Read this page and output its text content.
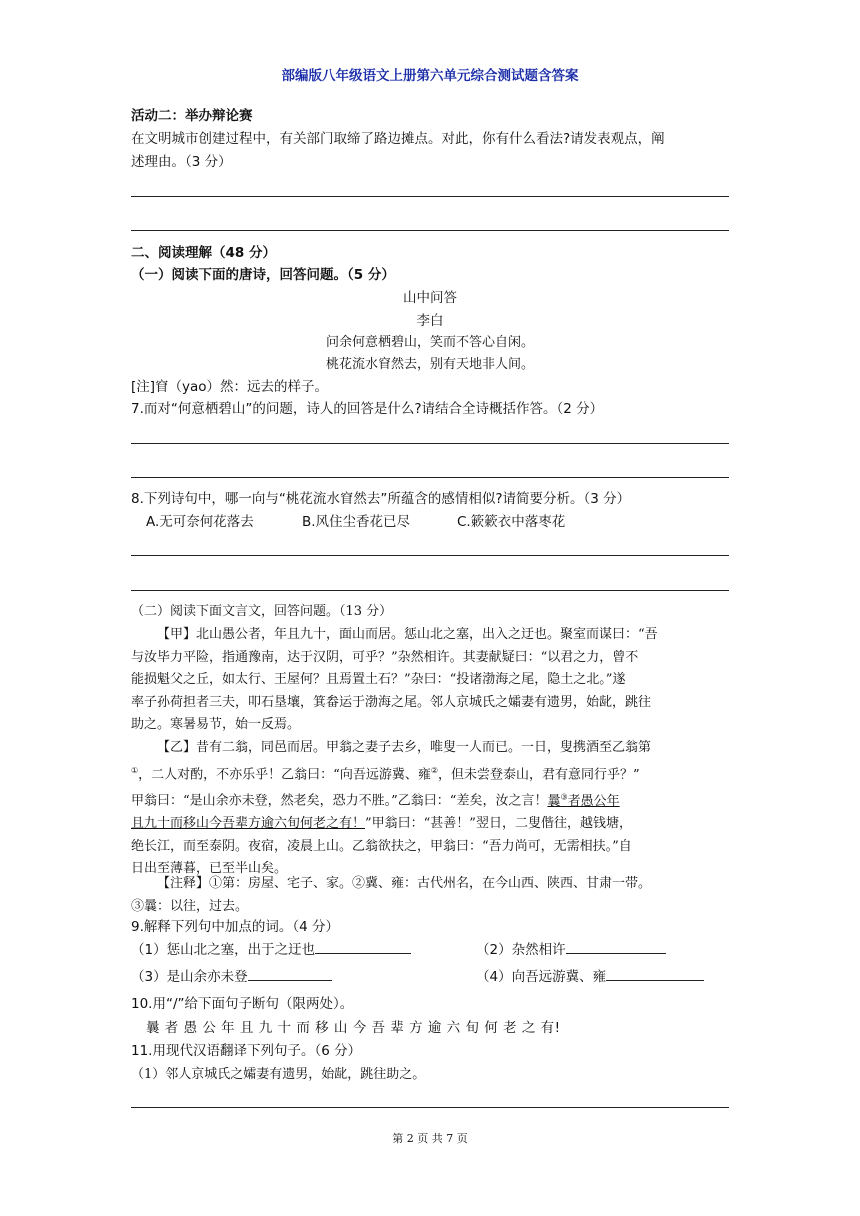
部编版八年级语文上册第六单元综合测试题含答案
活动二：举办辩论赛
在文明城市创建过程中，有关部门取缔了路边摊点。对此，你有什么看法?请发表观点，阐
述理由。（3 分）
二、阅读理解（48 分）
（一）阅读下面的唐诗，回答问题。（5 分）
山中问答
李白
问余何意栖碧山，笑而不答心自闲。
桃花流水窅然去，别有天地非人间。
[注]窅（yao）然：远去的样子。
7.而对“何意栖碧山”的问题，诗人的回答是什么?请结合全诗概括作答。（2 分）
8.下列诗句中，哪一向与“桃花流水窅然去”所蕴含的感情相似?请简要分析。（3 分）
A.无可奈何花落去	B.风住尘香花已尽	C.簌簌衣中落枣花
（二）阅读下面文言文，回答问题。（13 分）
【甲】北山愚公者，年且九十，面山而居。惩山北之塞，出入之迂也。聚室而谋曰：“吾
与汝毕力平险，指通豫南，达于汉阴，可乎？”杂然相许。其妻献疑曰：“以君之力，曾不
能损魁父之丘，如太行、王屋何？且焉置土石？”杂曰：“投诸渤海之尾，隐土之北。”遂
率子孙荷担者三夫，叩石垦壤，箕畚运于渤海之尾。邻人京城氏之孀妻有遗男，始龀，跳往
助之。寒暑易节，始一反焉。
【乙】昔有二翁，同邑而居。甲翁之妻子去乡，唯叟一人而已。一日，叟携酒至乙翁第
①，二人对酌，不亦乐乎！乙翁曰：“向吾远游冀、雍②，但未尝登泰山，君有意同行乎？”
甲翁曰：“是山余亦未登，然老矣，恐力不胜。”乙翁曰：“差矣，汝之言！曩③者愚公年
且九十而移山今吾辈方逾六旬何老之有！”甲翁曰：“甚善！”翌日，二叟偕往，越钱塘，
绝长江，而至泰阴。夜宿，凌晨上山。乙翁欲扶之，甲翁曰：“吾力尚可，无需相扶。”自
日出至薄暮，已至半山矣。
【注释】①第：房屋、宅子、家。②冀、雍：古代州名，在今山西、陕西、甘肃一带。
③曩：以往，过去。
9.解释下列句中加点的词。（4 分）
（1）惩山北之塞，出于之迂也	（2）杂然相许
（3）是山余亦未登	（4）向吾远游冀、雍
10.用“/”给下面句子断句（限两处）。
曩 者 愚 公 年 且 九 十 而 移 山 今 吾 辈 方 逾 六 旬 何 老 之 有!
11.用现代汉语翻译下列句子。（6 分）
（1）邻人京城氏之孀妻有遗男，始龀，跳往助之。
第 2 页 共 7 页
